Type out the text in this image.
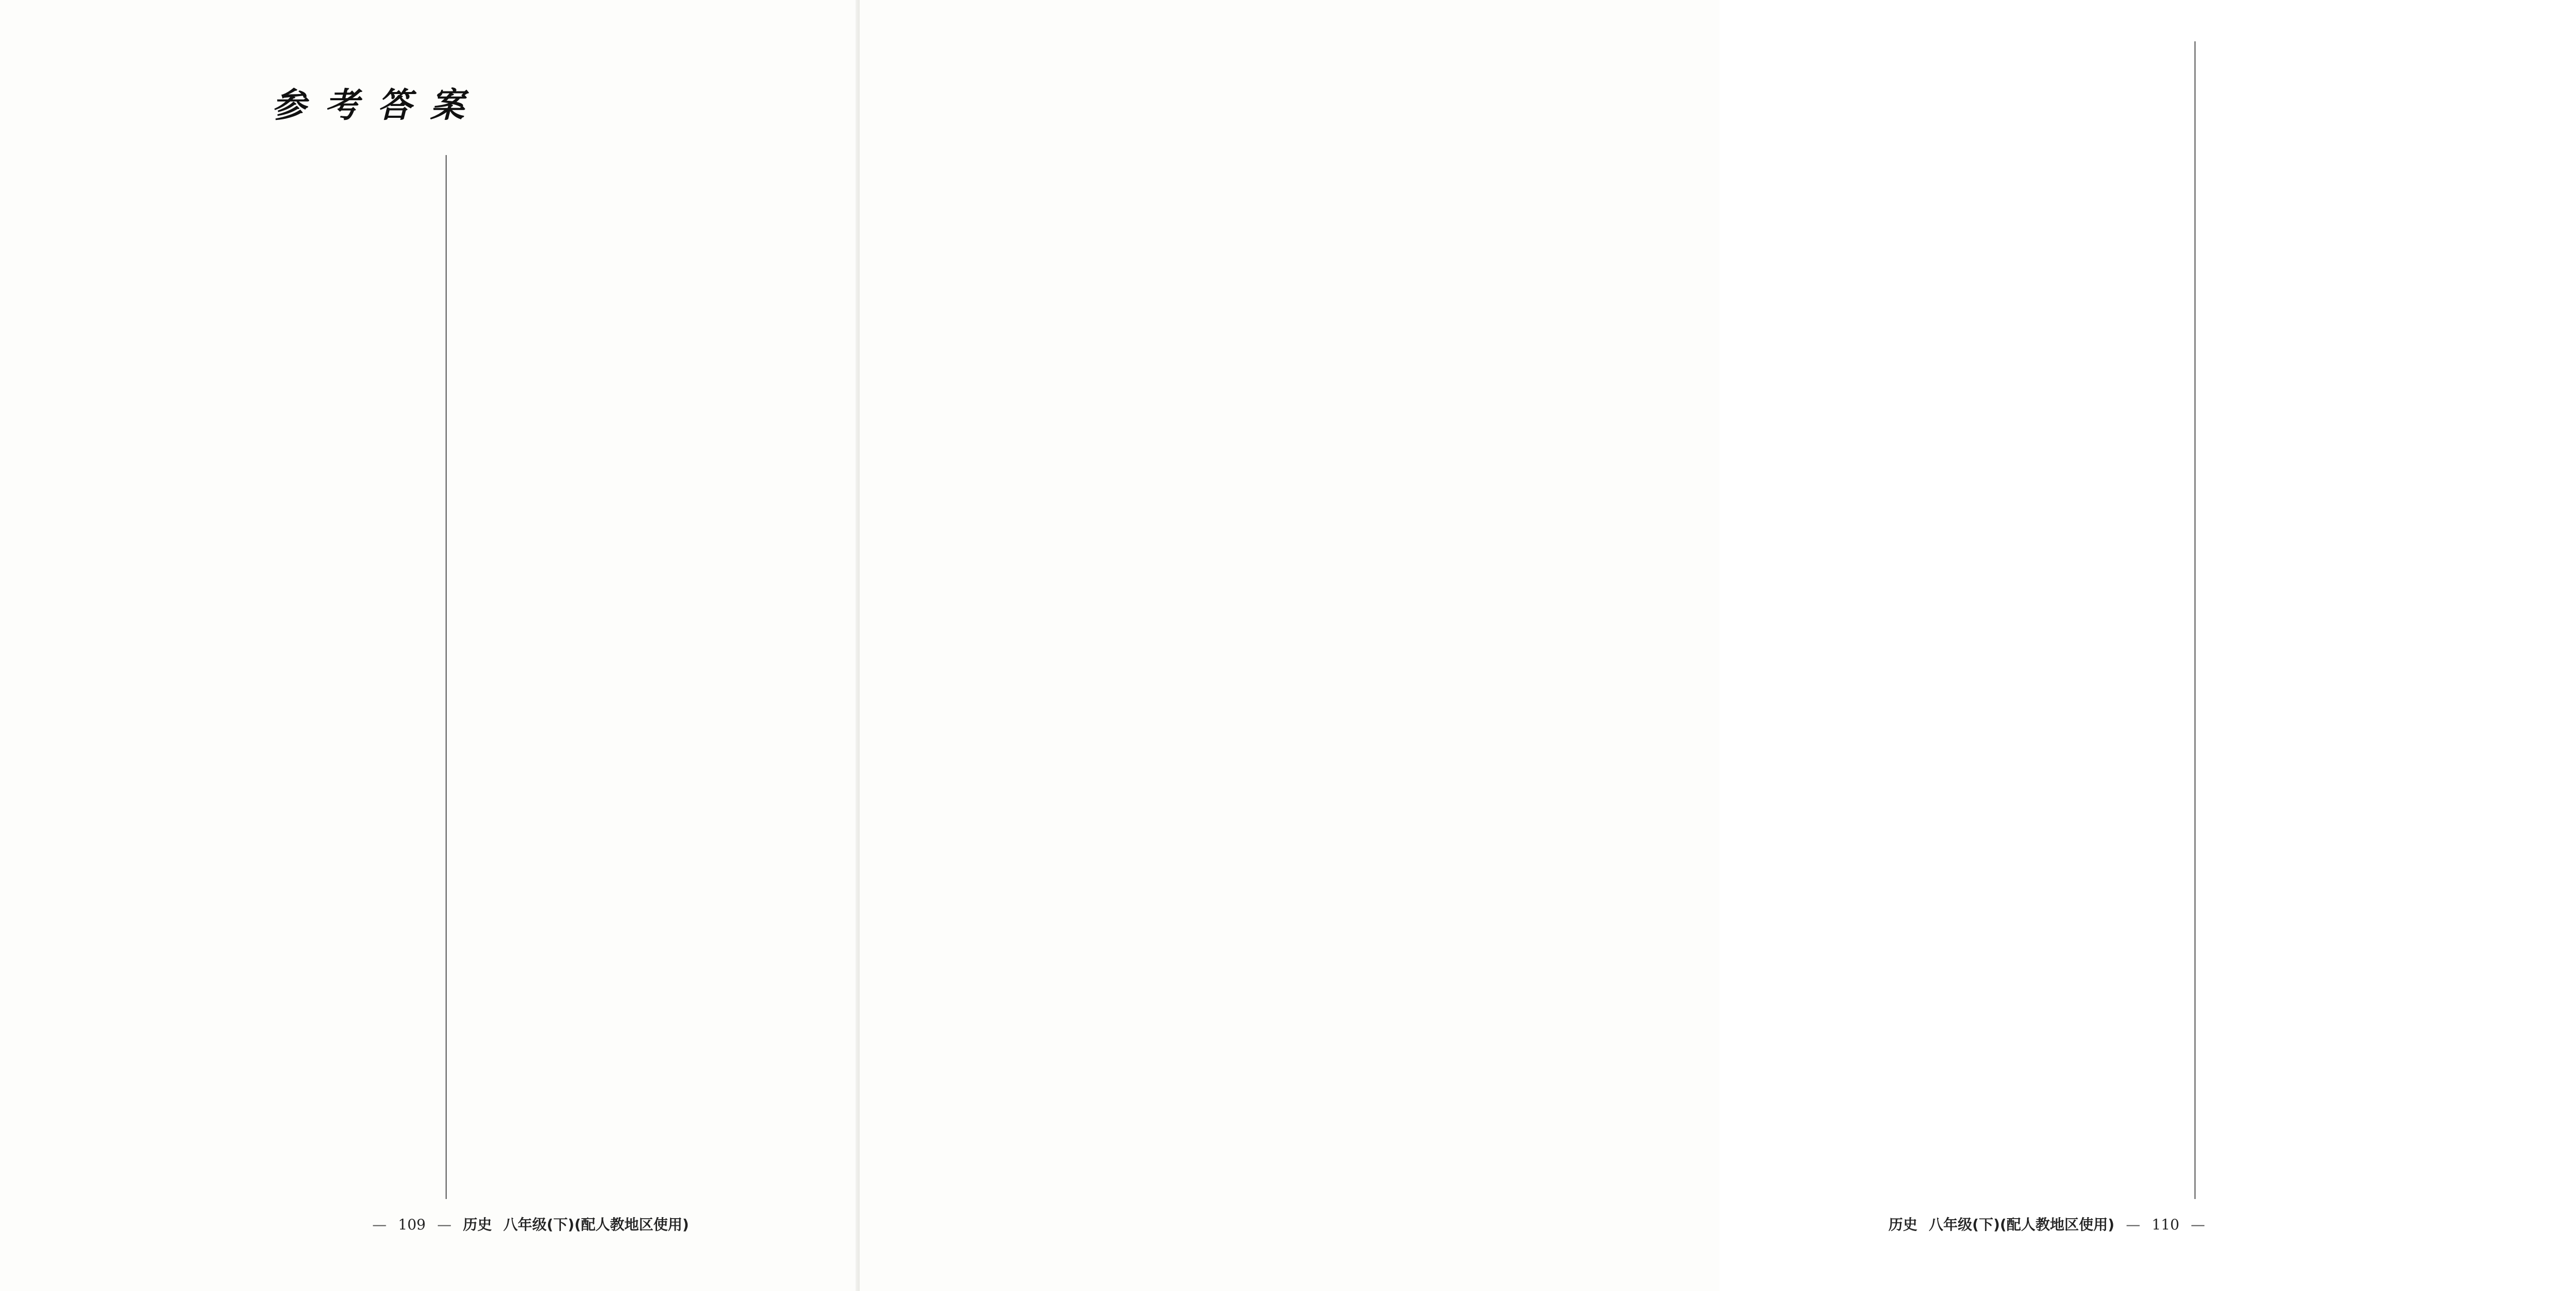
参考答案
— 109 — 历史 八年级(下)(配人教地区使用)	历史 八年级(下)(配人教地区使用) — 110 —
